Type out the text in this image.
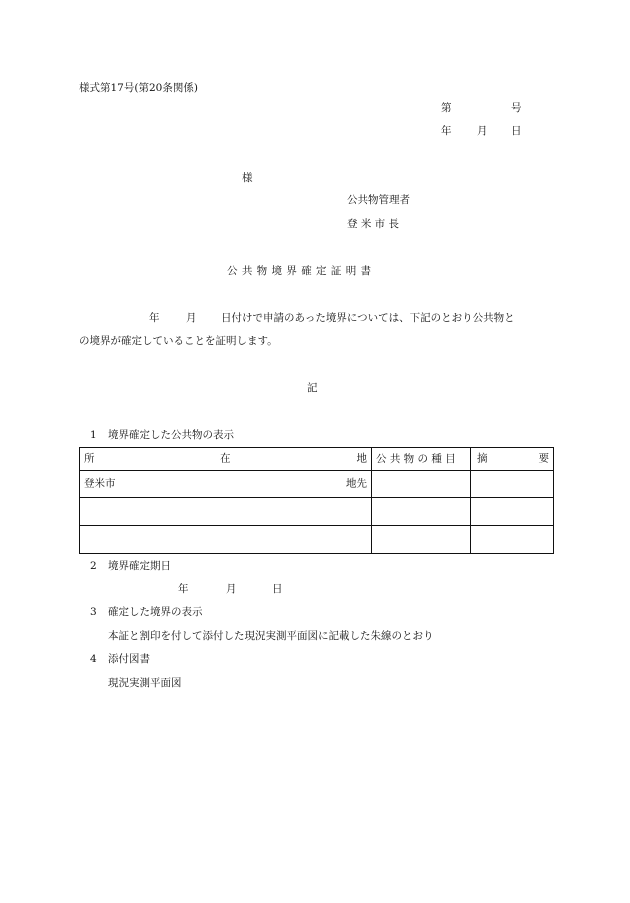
様式第17号(第20条関係)
第	号
年 月 日
様
公共物管理者
登 米 市 長
公 共 物 境 界 確 定 証 明 書
年	月 日付けで申請のあった境界については、下記のとおり公共物と
の境界が確定していることを証明します。
記
1 境界確定した公共物の表示
所 在 地	公 共 物 の 種 目	摘 要

登米市 地先		

2 境界確定期日
年	月	日
3 確定した境界の表示
本証と割印を付して添付した現況実測平面図に記載した朱線のとおり
4 添付図書
現況実測平面図
